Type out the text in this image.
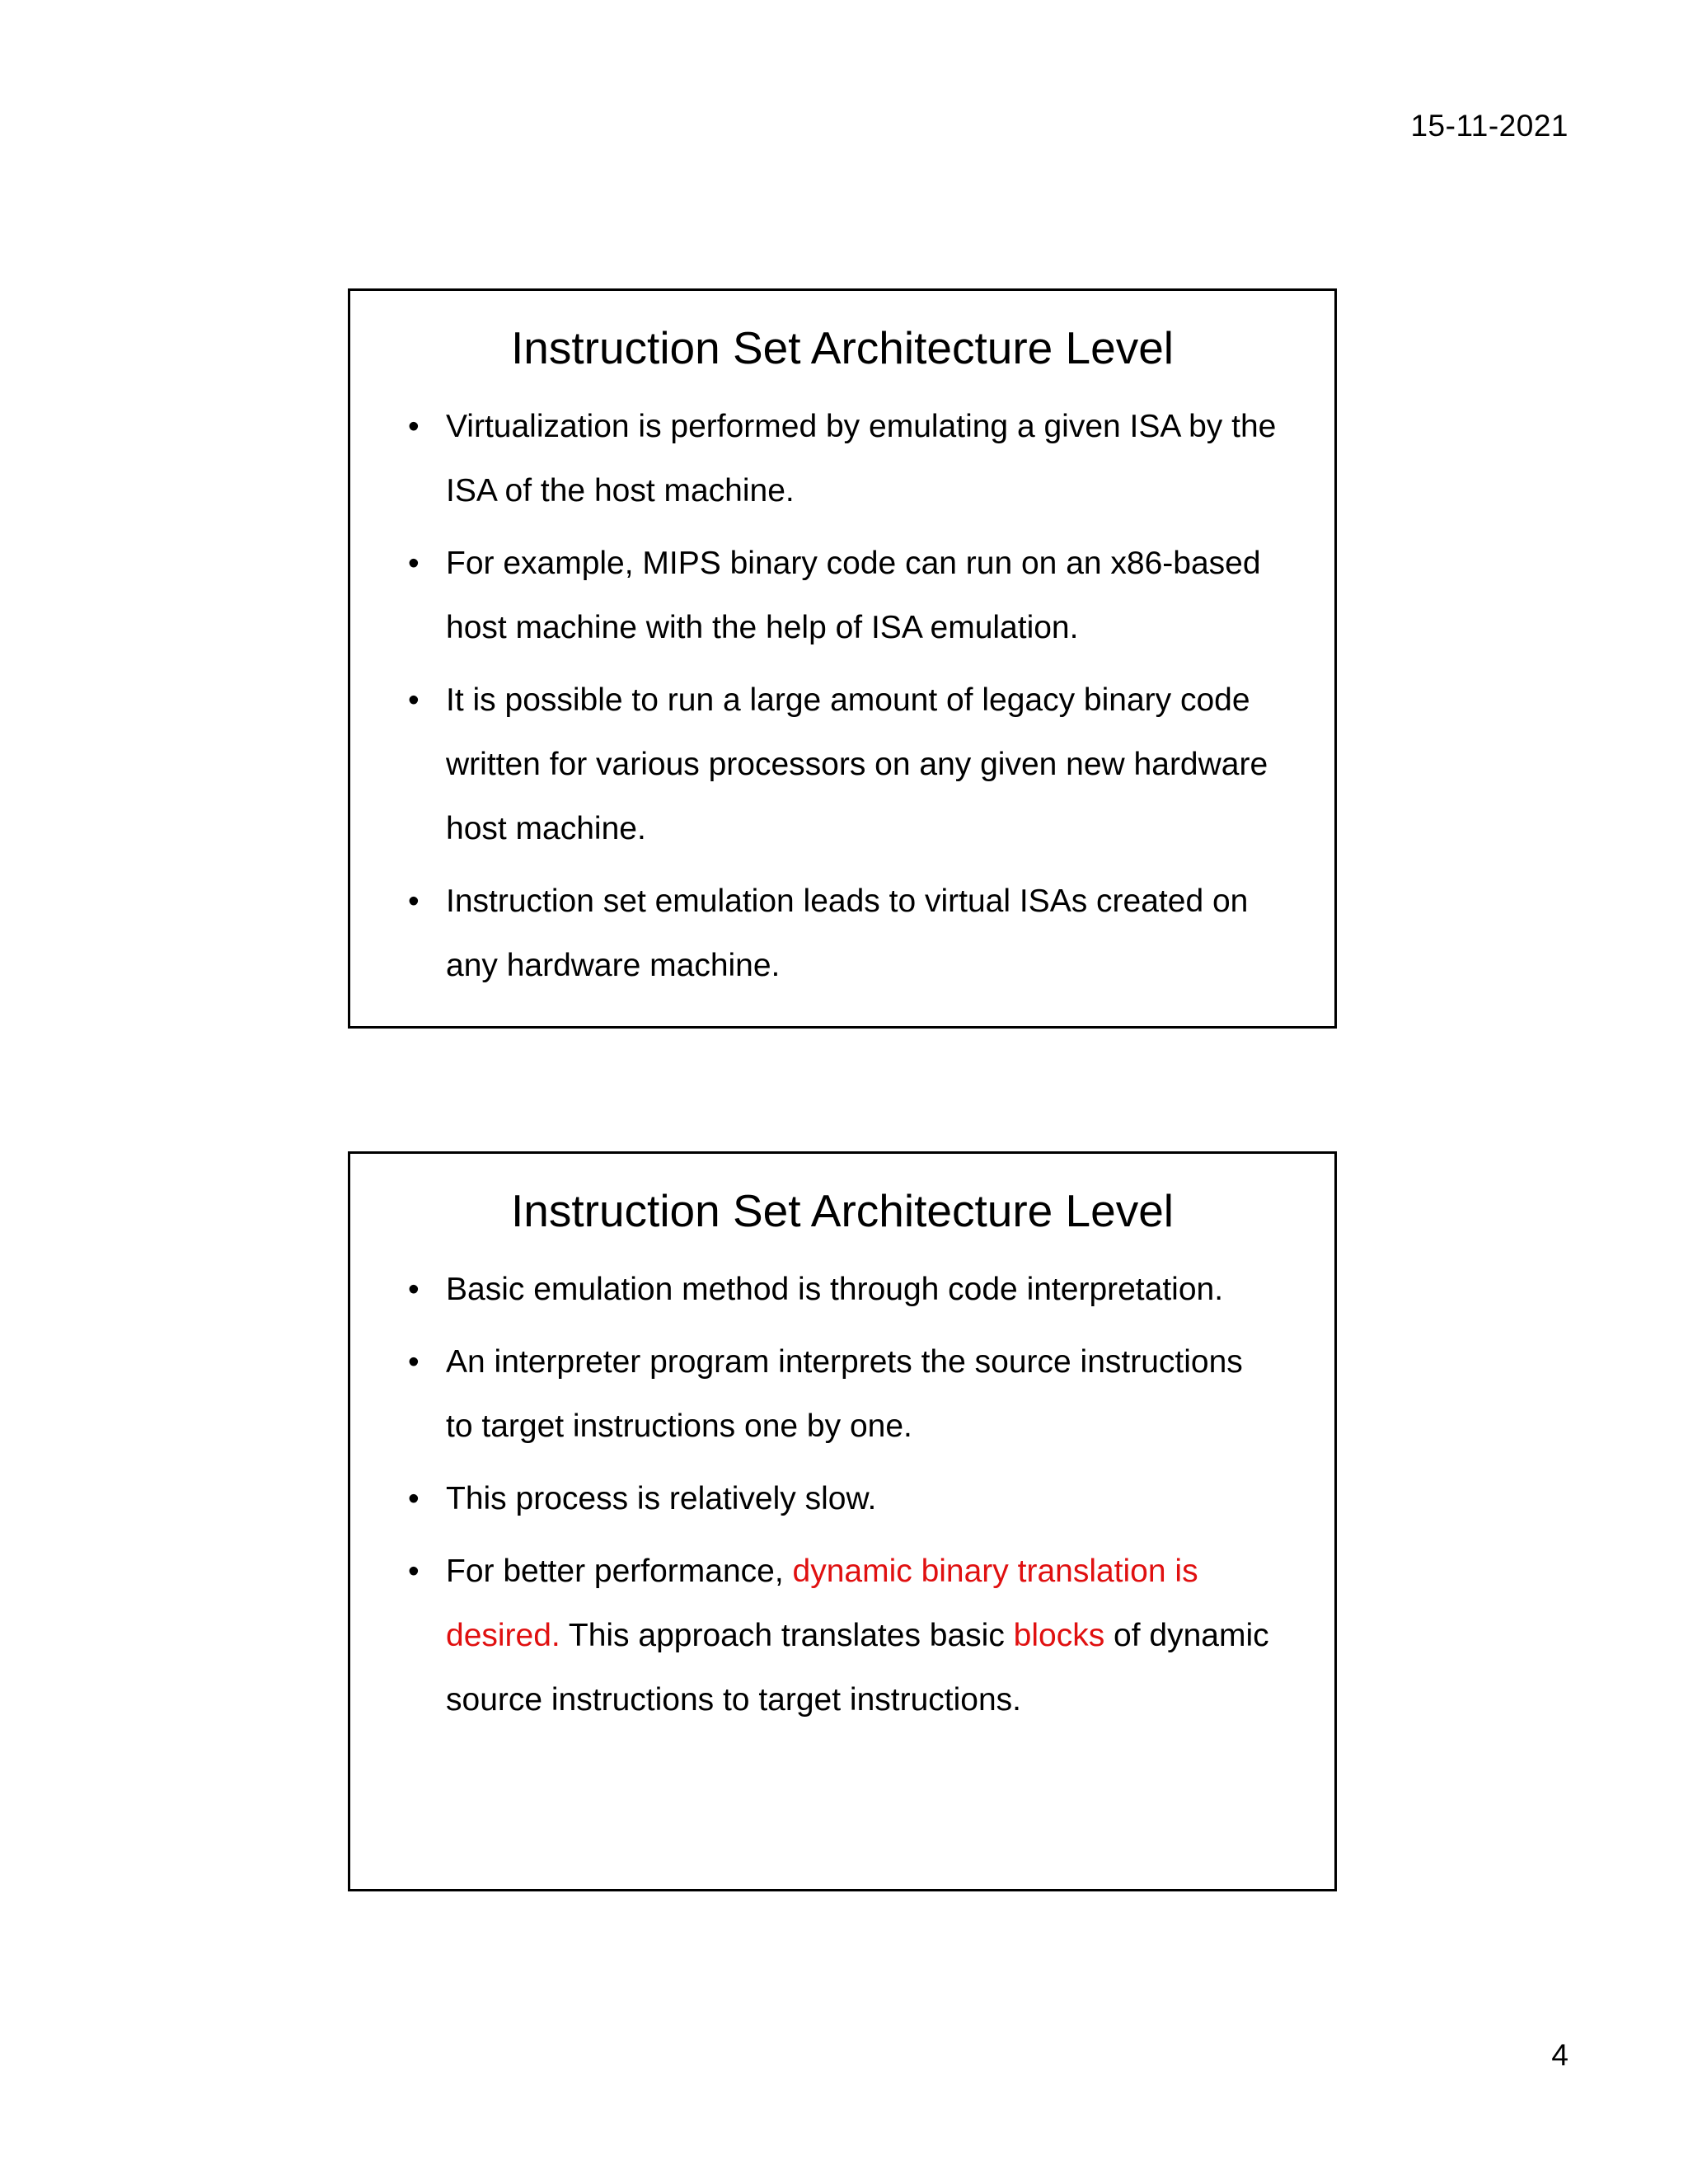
15-11-2021
Instruction Set Architecture Level
• Virtualization is performed by emulating a given ISA by the ISA of the host machine.
• For example, MIPS binary code can run on an x86-based host machine with the help of ISA emulation.
• It is possible to run a large amount of legacy binary code written for various processors on any given new hardware host machine.
• Instruction set emulation leads to virtual ISAs created on any hardware machine.
Instruction Set Architecture Level
• Basic emulation method is through code interpretation.
• An interpreter program interprets the source instructions to target instructions one by one.
• This process is relatively slow.
• For better performance, dynamic binary translation is desired. This approach translates basic blocks of dynamic source instructions to target instructions.
4
